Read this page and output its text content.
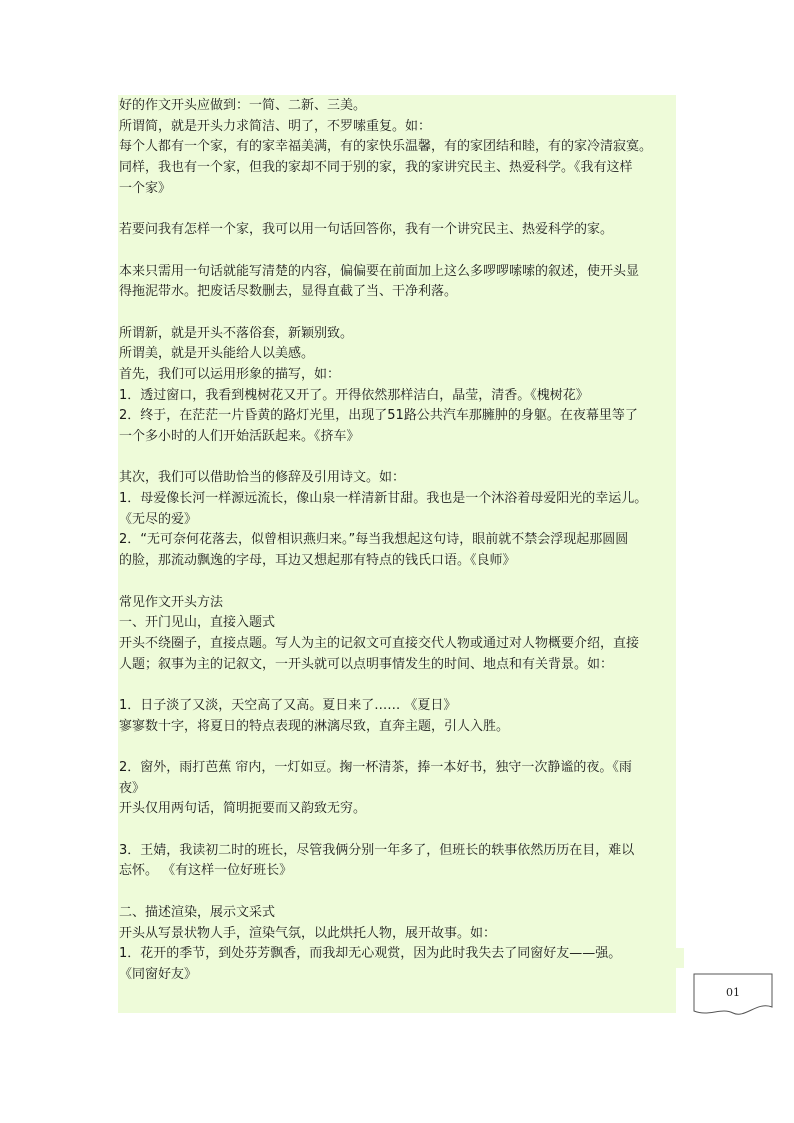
好的作文开头应做到：一简、二新、三美。
所谓简，就是开头力求简洁、明了，不罗嗦重复。如：
每个人都有一个家，有的家幸福美满，有的家快乐温馨，有的家团结和睦，有的家冷清寂寞。
同样，我也有一个家，但我的家却不同于别的家，我的家讲究民主、热爱科学。《我有这样
一个家》
若要问我有怎样一个家，我可以用一句话回答你，我有一个讲究民主、热爱科学的家。
本来只需用一句话就能写清楚的内容，偏偏要在前面加上这么多啰啰嗦嗦的叙述，使开头显
得拖泥带水。把废话尽数删去，显得直截了当、干净利落。
所谓新，就是开头不落俗套，新颖别致。
所谓美，就是开头能给人以美感。
首先，我们可以运用形象的描写，如：
1．透过窗口，我看到槐树花又开了。开得依然那样洁白，晶莹，清香。《槐树花》
2．终于，在茫茫一片昏黄的路灯光里，出现了51路公共汽车那臃肿的身躯。在夜幕里等了
一个多小时的人们开始活跃起来。《挤车》
其次，我们可以借助恰当的修辞及引用诗文。如：
1．母爱像长河一样源远流长，像山泉一样清新甘甜。我也是一个沐浴着母爱阳光的幸运儿。
《无尽的爱》
2．“无可奈何花落去，似曾相识燕归来。”每当我想起这句诗，眼前就不禁会浮现起那圆圆
的脸，那流动飘逸的字母，耳边又想起那有特点的钱氏口语。《良师》
常见作文开头方法
一、开门见山，直接入题式
开头不绕圈子，直接点题。写人为主的记叙文可直接交代人物或通过对人物概要介绍，直接
人题；叙事为主的记叙文，一开头就可以点明事情发生的时间、地点和有关背景。如：
1．日子淡了又淡，天空高了又高。夏日来了…… 《夏日》
寥寥数十字，将夏日的特点表现的淋漓尽致，直奔主题，引人入胜。
2．窗外，雨打芭蕉 帘内，一灯如豆。掬一杯清茶，捧一本好书，独守一次静谧的夜。《雨
夜》
开头仅用两句话，简明扼要而又韵致无穷。
3．王婧，我读初二时的班长，尽管我俩分别一年多了，但班长的轶事依然历历在目，难以
忘怀。 《有这样一位好班长》
二、描述渲染，展示文采式
开头从写景状物人手，渲染气氛，以此烘托人物，展开故事。如：
1．花开的季节，到处芬芳飘香，而我却无心观赏，因为此时我失去了同窗好友——强。
《同窗好友》
01
